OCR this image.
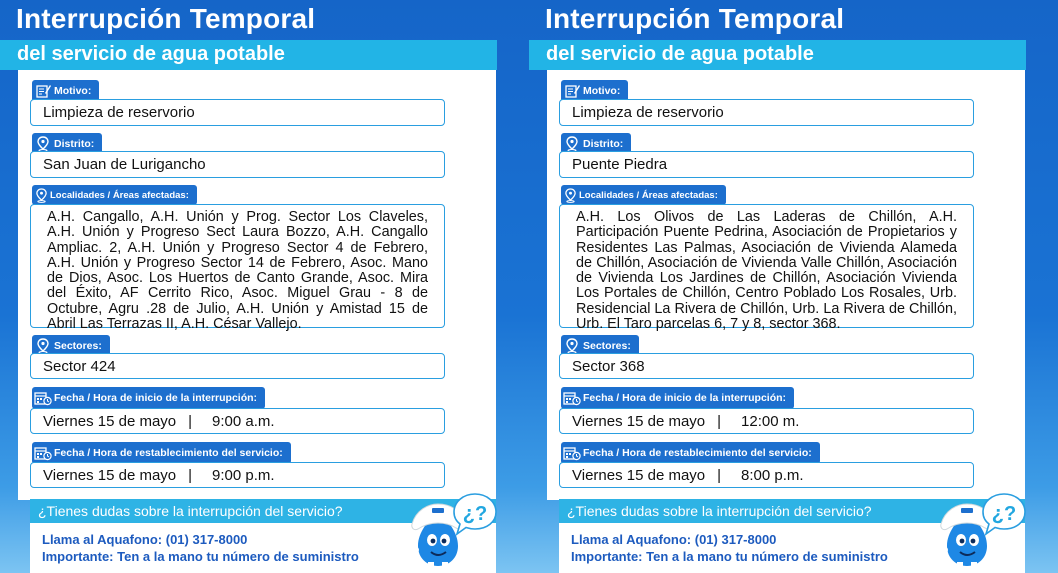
Interrupción Temporal
del servicio de agua potable
Motivo:
Limpieza de reservorio
Distrito:
San Juan de Lurigancho
Localidades / Áreas afectadas:
A.H. Cangallo, A.H. Unión y Prog. Sector Los Claveles, A.H. Unión y Progreso Sect Laura Bozzo, A.H. Cangallo Ampliac. 2, A.H. Unión y Progreso Sector 4 de Febrero, A.H. Unión y Progreso Sector 14 de Febrero, Asoc. Mano de Dios, Asoc. Los Huertos de Canto Grande, Asoc. Mira del Éxito, AF Cerrito Rico, Asoc. Miguel Grau - 8 de Octubre, Agru .28 de Julio, A.H. Unión y Amistad 15 de Abril Las Terrazas II, A.H. César Vallejo.
Sectores:
Sector 424
Fecha / Hora de inicio de la interrupción:
Viernes 15 de mayo | 9:00 a.m.
Fecha / Hora de restablecimiento del servicio:
Viernes 15 de mayo | 9:00 p.m.
¿Tienes dudas sobre la interrupción del servicio?
Llama al Aquafono: (01) 317-8000
Importante: Ten a la mano tu número de suministro
¿?
Interrupción Temporal
del servicio de agua potable
Motivo:
Limpieza de reservorio
Distrito:
Puente Piedra
Localidades / Áreas afectadas:
A.H. Los Olivos de Las Laderas de Chillón, A.H. Participación Puente Pedrina, Asociación de Propietarios y Residentes Las Palmas, Asociación de Vivienda Alameda de Chillón, Asociación de Vivienda Valle Chillón, Asociación de Vivienda Los Jardines de Chillón, Asociación Vivienda Los Portales de Chillón, Centro Poblado Los Rosales, Urb. Residencial La Rivera de Chillón, Urb. La Rivera de Chillón, Urb. El Taro parcelas 6, 7 y 8, sector 368.
Sectores:
Sector 368
Fecha / Hora de inicio de la interrupción:
Viernes 15 de mayo | 12:00 m.
Fecha / Hora de restablecimiento del servicio:
Viernes 15 de mayo | 8:00 p.m.
¿Tienes dudas sobre la interrupción del servicio?
Llama al Aquafono: (01) 317-8000
Importante: Ten a la mano tu número de suministro
¿?
